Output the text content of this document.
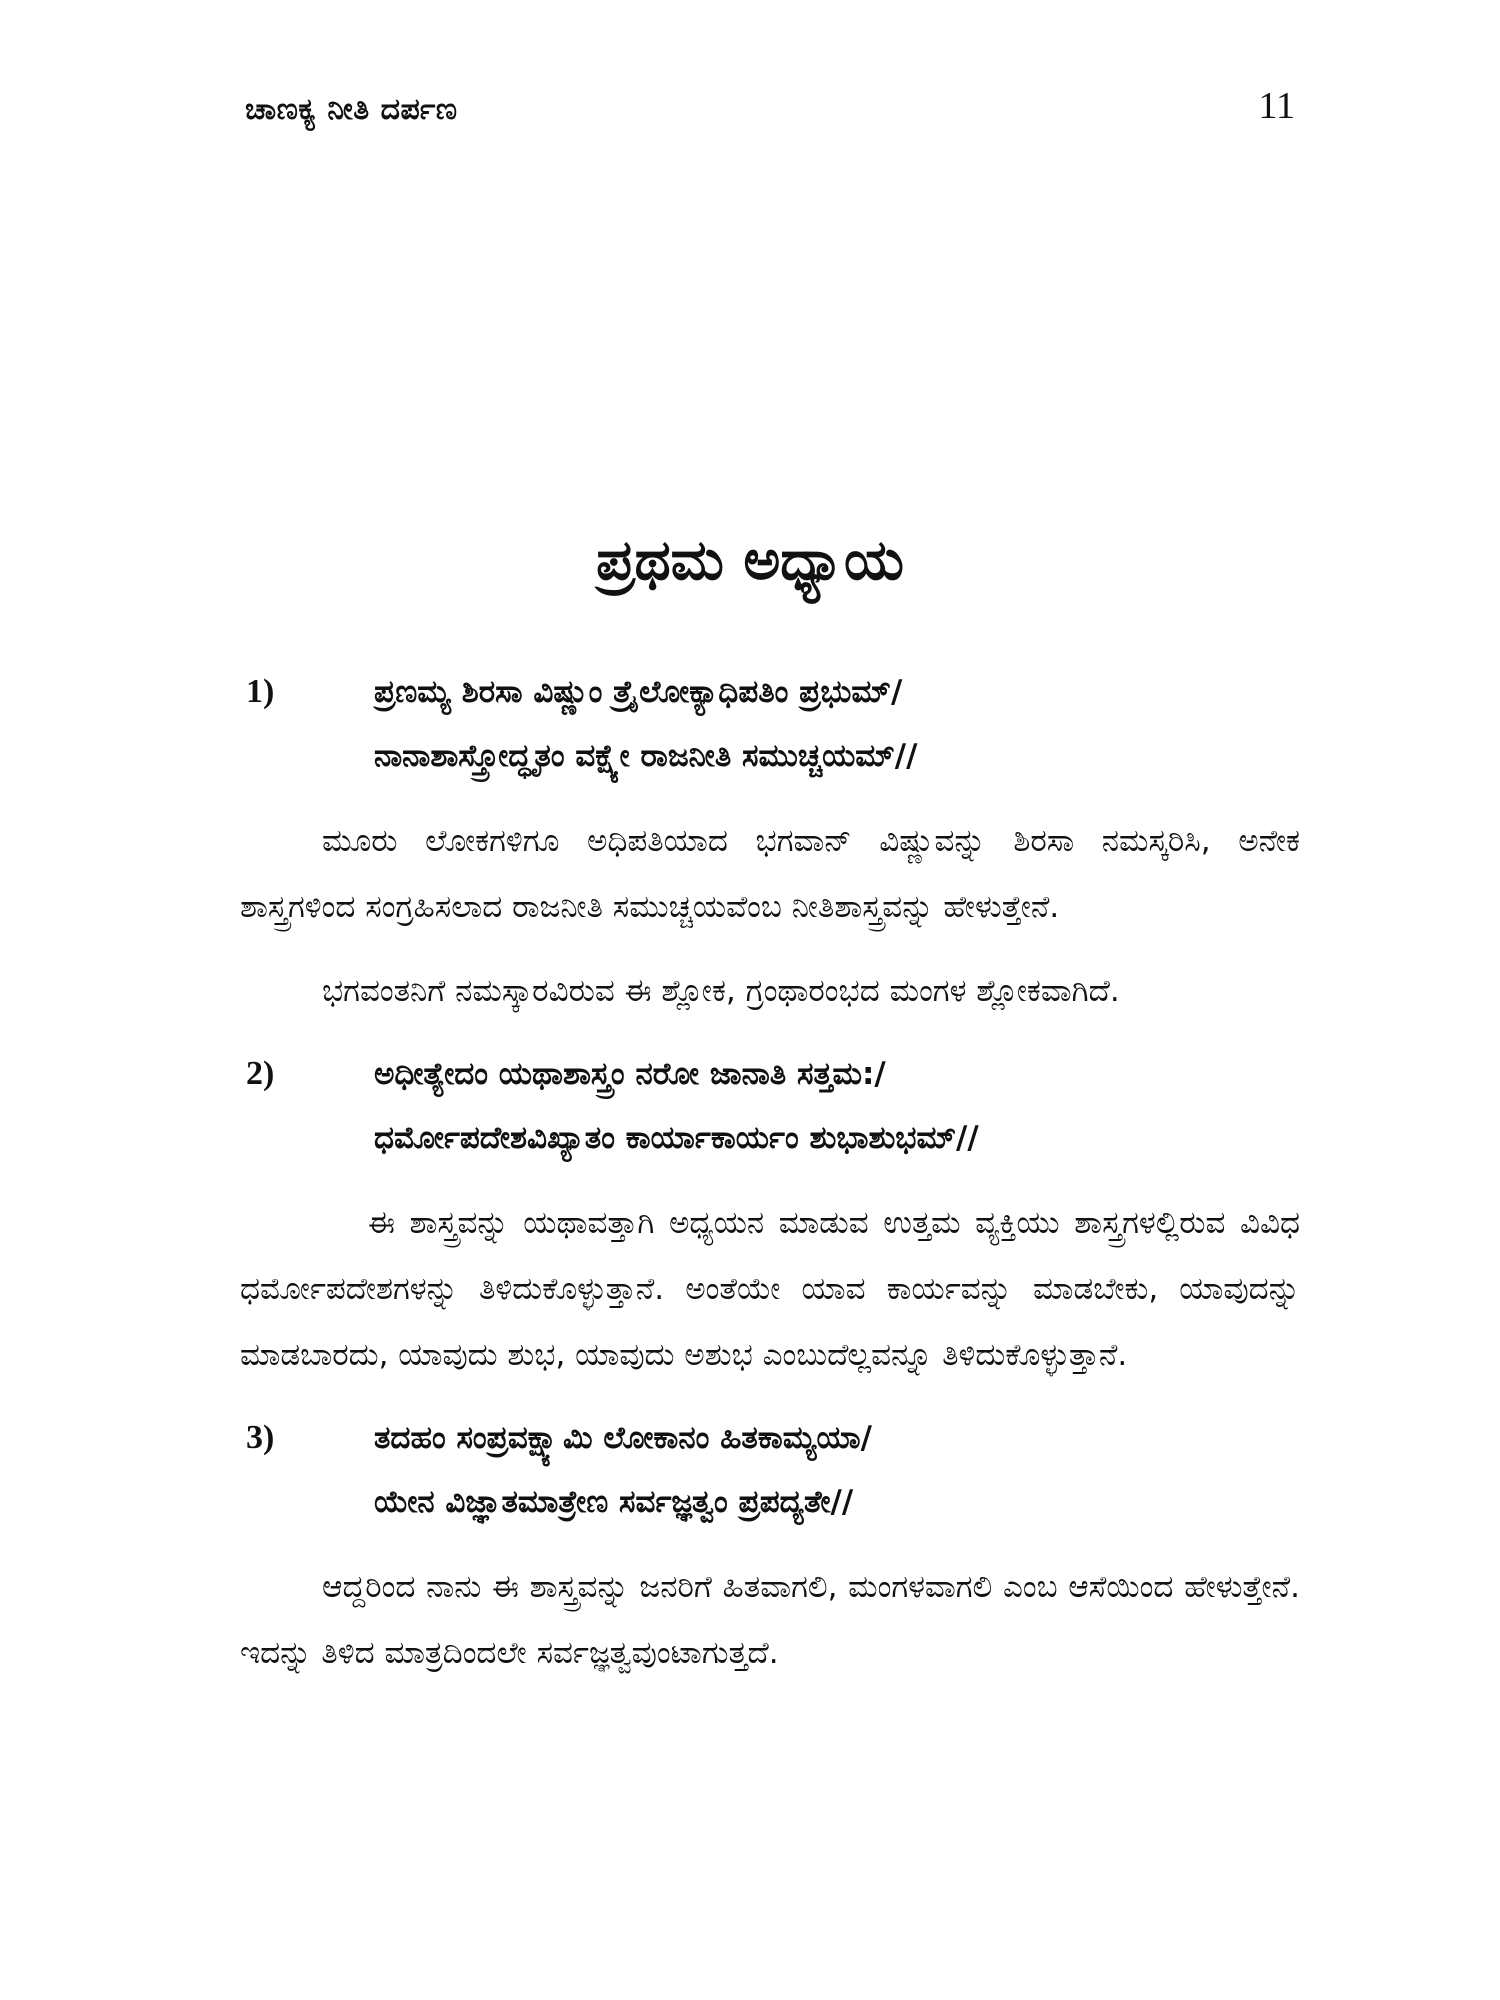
ಚಾಣಕ್ಯ ನೀತಿ ದರ್ಪಣ	11
ಪ್ರಥಮ ಅಧ್ಯಾಯ
1)	ಪ್ರಣಮ್ಯ ಶಿರಸಾ ವಿಷ್ಣುಂ ತ್ರೈಲೋಕ್ಯಾಧಿಪತಿಂ ಪ್ರಭುಮ್/
ನಾನಾಶಾಸ್ತ್ರೋದ್ಧೃತಂ ವಕ್ಷ್ಯೇ ರಾಜನೀತಿ ಸಮುಚ್ಚಯಮ್//

ಮೂರು ಲೋಕಗಳಿಗೂ ಅಧಿಪತಿಯಾದ ಭಗವಾನ್ ವಿಷ್ಣುವನ್ನು ಶಿರಸಾ ನಮಸ್ಕರಿಸಿ, ಅನೇಕ ಶಾಸ್ತ್ರಗಳಿಂದ ಸಂಗ್ರಹಿಸಲಾದ ರಾಜನೀತಿ ಸಮುಚ್ಚಯವೆಂಬ ನೀತಿಶಾಸ್ತ್ರವನ್ನು ಹೇಳುತ್ತೇನೆ.

ಭಗವಂತನಿಗೆ ನಮಸ್ಕಾರವಿರುವ ಈ ಶ್ಲೋಕ, ಗ್ರಂಥಾರಂಭದ ಮಂಗಳ ಶ್ಲೋಕವಾಗಿದೆ.

2)	ಅಧೀತ್ಯೇದಂ ಯಥಾಶಾಸ್ತ್ರಂ ನರೋ ಜಾನಾತಿ ಸತ್ತಮ:/
ಧರ್ಮೋಪದೇಶವಿಖ್ಯಾತಂ ಕಾರ್ಯಾಕಾರ್ಯಂ ಶುಭಾಶುಭಮ್//

ಈ ಶಾಸ್ತ್ರವನ್ನು ಯಥಾವತ್ತಾಗಿ ಅಧ್ಯಯನ ಮಾಡುವ ಉತ್ತಮ ವ್ಯಕ್ತಿಯು ಶಾಸ್ತ್ರಗಳಲ್ಲಿರುವ ವಿವಿಧ ಧರ್ಮೋಪದೇಶಗಳನ್ನು ತಿಳಿದುಕೊಳ್ಳುತ್ತಾನೆ. ಅಂತೆಯೇ ಯಾವ ಕಾರ್ಯವನ್ನು ಮಾಡಬೇಕು, ಯಾವುದನ್ನು ಮಾಡಬಾರದು, ಯಾವುದು ಶುಭ, ಯಾವುದು ಅಶುಭ ಎಂಬುದೆಲ್ಲವನ್ನೂ ತಿಳಿದುಕೊಳ್ಳುತ್ತಾನೆ.

3)	ತದಹಂ ಸಂಪ್ರವಕ್ಷ್ಯಾಮಿ ಲೋಕಾನಂ ಹಿತಕಾಮ್ಯಯಾ/
ಯೇನ ವಿಜ್ಞಾತಮಾತ್ರೇಣ ಸರ್ವಜ್ಞತ್ವಂ ಪ್ರಪದ್ಯತೇ//

ಆದ್ದರಿಂದ ನಾನು ಈ ಶಾಸ್ತ್ರವನ್ನು ಜನರಿಗೆ ಹಿತವಾಗಲಿ, ಮಂಗಳವಾಗಲಿ ಎಂಬ ಆಸೆಯಿಂದ ಹೇಳುತ್ತೇನೆ. ಇದನ್ನು ತಿಳಿದ ಮಾತ್ರದಿಂದಲೇ ಸರ್ವಜ್ಞತ್ವವುಂಟಾಗುತ್ತದೆ.
